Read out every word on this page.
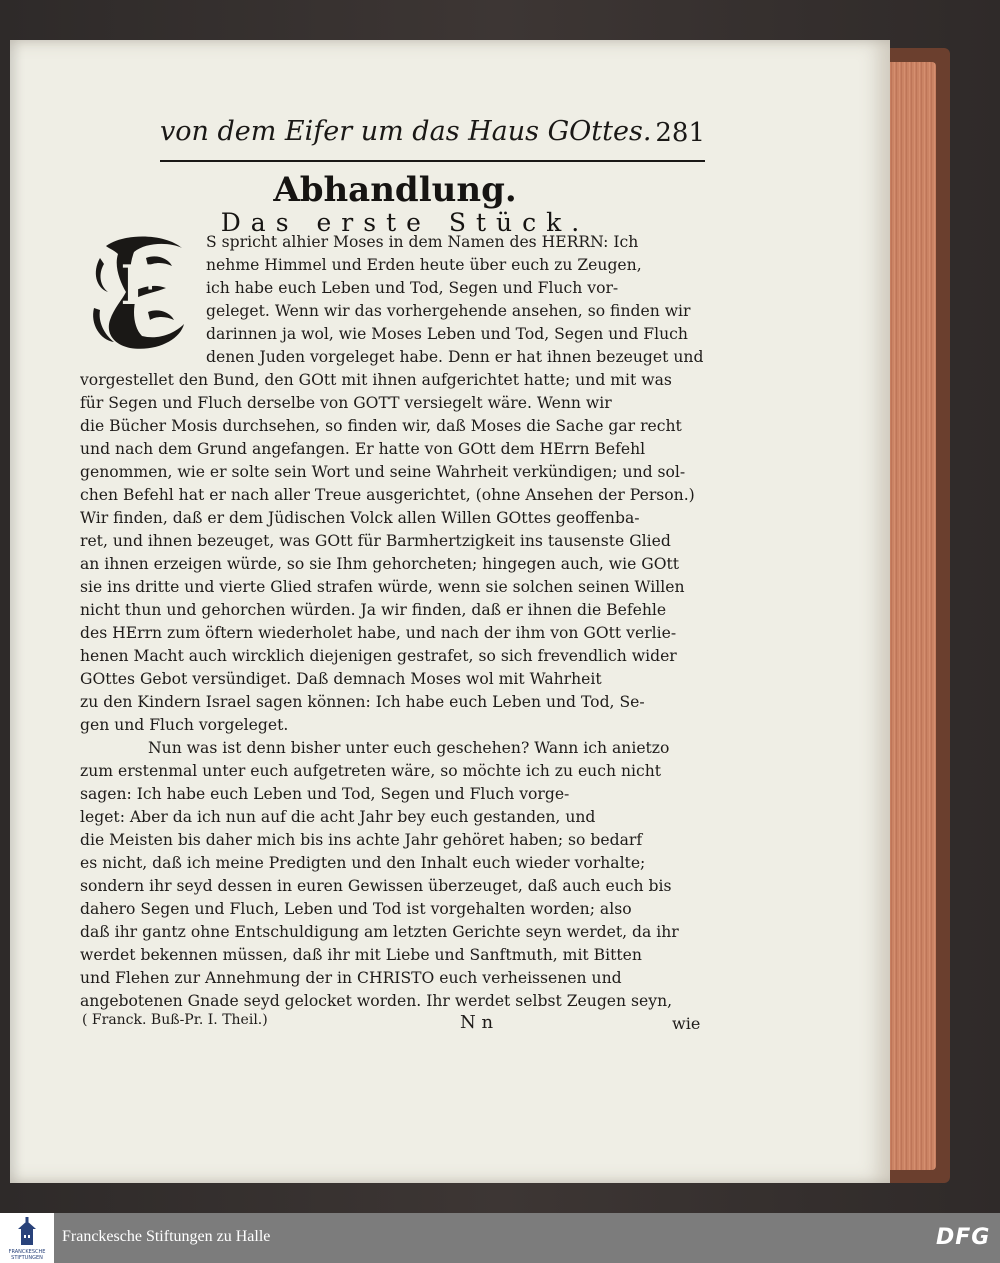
von dem Eifer um das Haus GOttes. 281
Abhandlung.
Das erste Stück.
E
S spricht alhier Moses in dem Namen des HERRN: Ich
nehme Himmel und Erden heute über euch zu Zeugen,
ich habe euch Leben und Tod, Segen und Fluch vor-
geleget. Wenn wir das vorhergehende ansehen, so finden wir
darinnen ja wol, wie Moses Leben und Tod, Segen und Fluch
denen Juden vorgeleget habe. Denn er hat ihnen bezeuget und
vorgestellet den Bund, den GOtt mit ihnen aufgerichtet hatte; und mit was
für Segen und Fluch derselbe von GOTT versiegelt wäre. Wenn wir
die Bücher Mosis durchsehen, so finden wir, daß Moses die Sache gar recht
und nach dem Grund angefangen. Er hatte von GOtt dem HErrn Befehl
genommen, wie er solte sein Wort und seine Wahrheit verkündigen; und sol-
chen Befehl hat er nach aller Treue ausgerichtet, (ohne Ansehen der Person.)
Wir finden, daß er dem Jüdischen Volck allen Willen GOttes geoffenba-
ret, und ihnen bezeuget, was GOtt für Barmhertzigkeit ins tausenste Glied
an ihnen erzeigen würde, so sie Ihm gehorcheten; hingegen auch, wie GOtt
sie ins dritte und vierte Glied strafen würde, wenn sie solchen seinen Willen
nicht thun und gehorchen würden. Ja wir finden, daß er ihnen die Befehle
des HErrn zum öftern wiederholet habe, und nach der ihm von GOtt verlie-
henen Macht auch wircklich diejenigen gestrafet, so sich frevendlich wider
GOttes Gebot versündiget. Daß demnach Moses wol mit Wahrheit
zu den Kindern Israel sagen können: Ich habe euch Leben und Tod, Se-
gen und Fluch vorgeleget.
Nun was ist denn bisher unter euch geschehen? Wann ich anietzo
zum erstenmal unter euch aufgetreten wäre, so möchte ich zu euch nicht
sagen: Ich habe euch Leben und Tod, Segen und Fluch vorge-
leget: Aber da ich nun auf die acht Jahr bey euch gestanden, und
die Meisten bis daher mich bis ins achte Jahr gehöret haben; so bedarf
es nicht, daß ich meine Predigten und den Inhalt euch wieder vorhalte;
sondern ihr seyd dessen in euren Gewissen überzeuget, daß auch euch bis
dahero Segen und Fluch, Leben und Tod ist vorgehalten worden; also
daß ihr gantz ohne Entschuldigung am letzten Gerichte seyn werdet, da ihr
werdet bekennen müssen, daß ihr mit Liebe und Sanftmuth, mit Bitten
und Flehen zur Annehmung der in CHRISTO euch verheissenen und
angebotenen Gnade seyd gelocket worden. Ihr werdet selbst Zeugen seyn,
( Franck. Buß-Pr. I. Theil.)	N n	wie
FRANCKESCHE STIFTUNGEN
Franckesche Stiftungen zu Halle	DFG
